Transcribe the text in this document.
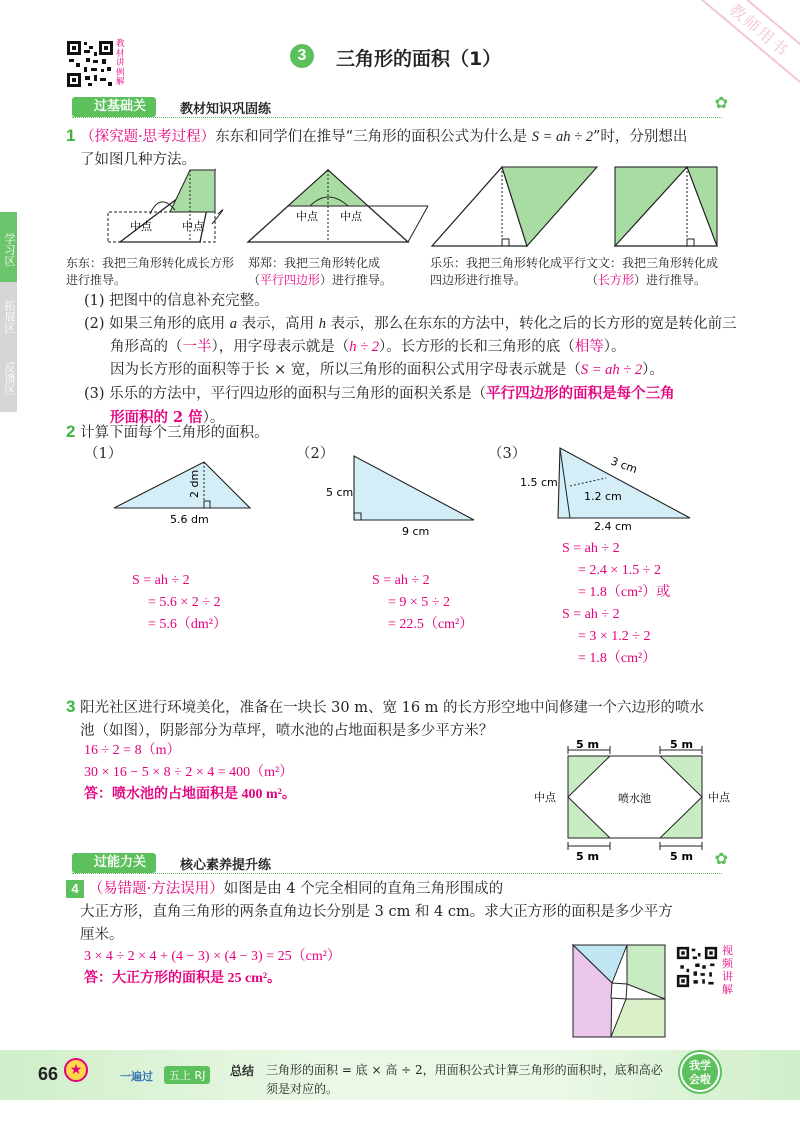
教师用书
教材讲例解
3	三角形的面积（1）
学习区
拓展区
反馈区
过基础关	教材知识巩固练	✿
1 （探究题·思考过程）东东和同学们在推导“三角形的面积公式为什么是 S = ah ÷ 2”时，分别想出
了如图几种方法。
中点	中点
中点 中点
东东：我把三角形转化成长方形进行推导。
郑郑：我把三角形转化成
（平行四边形）进行推导。
乐乐：我把三角形转化成平行四边形进行推导。
文文：我把三角形转化成
（长方形）进行推导。
(1) 把图中的信息补充完整。
(2) 如果三角形的底用 a 表示，高用 h 表示，那么在东东的方法中，转化之后的长方形的宽是转化前三
角形高的（一半），用字母表示就是（h ÷ 2）。长方形的长和三角形的底（相等）。
因为长方形的面积等于长 × 宽，所以三角形的面积公式用字母表示就是（S = ah ÷ 2）。
(3) 乐乐的方法中，平行四边形的面积与三角形的面积关系是（平行四边形的面积是每个三角
形面积的 2 倍）。
2 计算下面每个三角形的面积。
（1）	（2）	（3）
2 dm
5.6 dm
5 cm
9 cm
1.5 cm
3 cm
1.2 cm
2.4 cm
S = ah ÷ 2
= 5.6 × 2 ÷ 2
= 5.6（dm²）
S = ah ÷ 2
= 9 × 5 ÷ 2
= 22.5（cm²）
S = ah ÷ 2
= 2.4 × 1.5 ÷ 2
= 1.8（cm²）或
S = ah ÷ 2
= 3 × 1.2 ÷ 2
= 1.8（cm²）
3 阳光社区进行环境美化，准备在一块长 30 m、宽 16 m 的长方形空地中间修建一个六边形的喷水
池（如图），阴影部分为草坪，喷水池的占地面积是多少平方米？
16 ÷ 2 = 8（m）
30 × 16 − 5 × 8 ÷ 2 × 4 = 400（m²）
答：喷水池的占地面积是 400 m²。
5 m	5 m
中点	中点
喷水池
5 m	5 m
过能力关	核心素养提升练	✿
4 （易错题·方法误用）如图是由 4 个完全相同的直角三角形围成的
大正方形，直角三角形的两条直角边长分别是 3 cm 和 4 cm。求大正方形的面积是多少平方
厘米。
3 × 4 ÷ 2 × 4 + (4 − 3) × (4 − 3) = 25（cm²）
答：大正方形的面积是 25 cm²。
视频讲解
66 ★	一遍过	五上 RJ	总结 三角形的面积 = 底 × 高 ÷ 2，用面积公式计算三角形的面积时，底和高必须是对应的。
我学会啦
